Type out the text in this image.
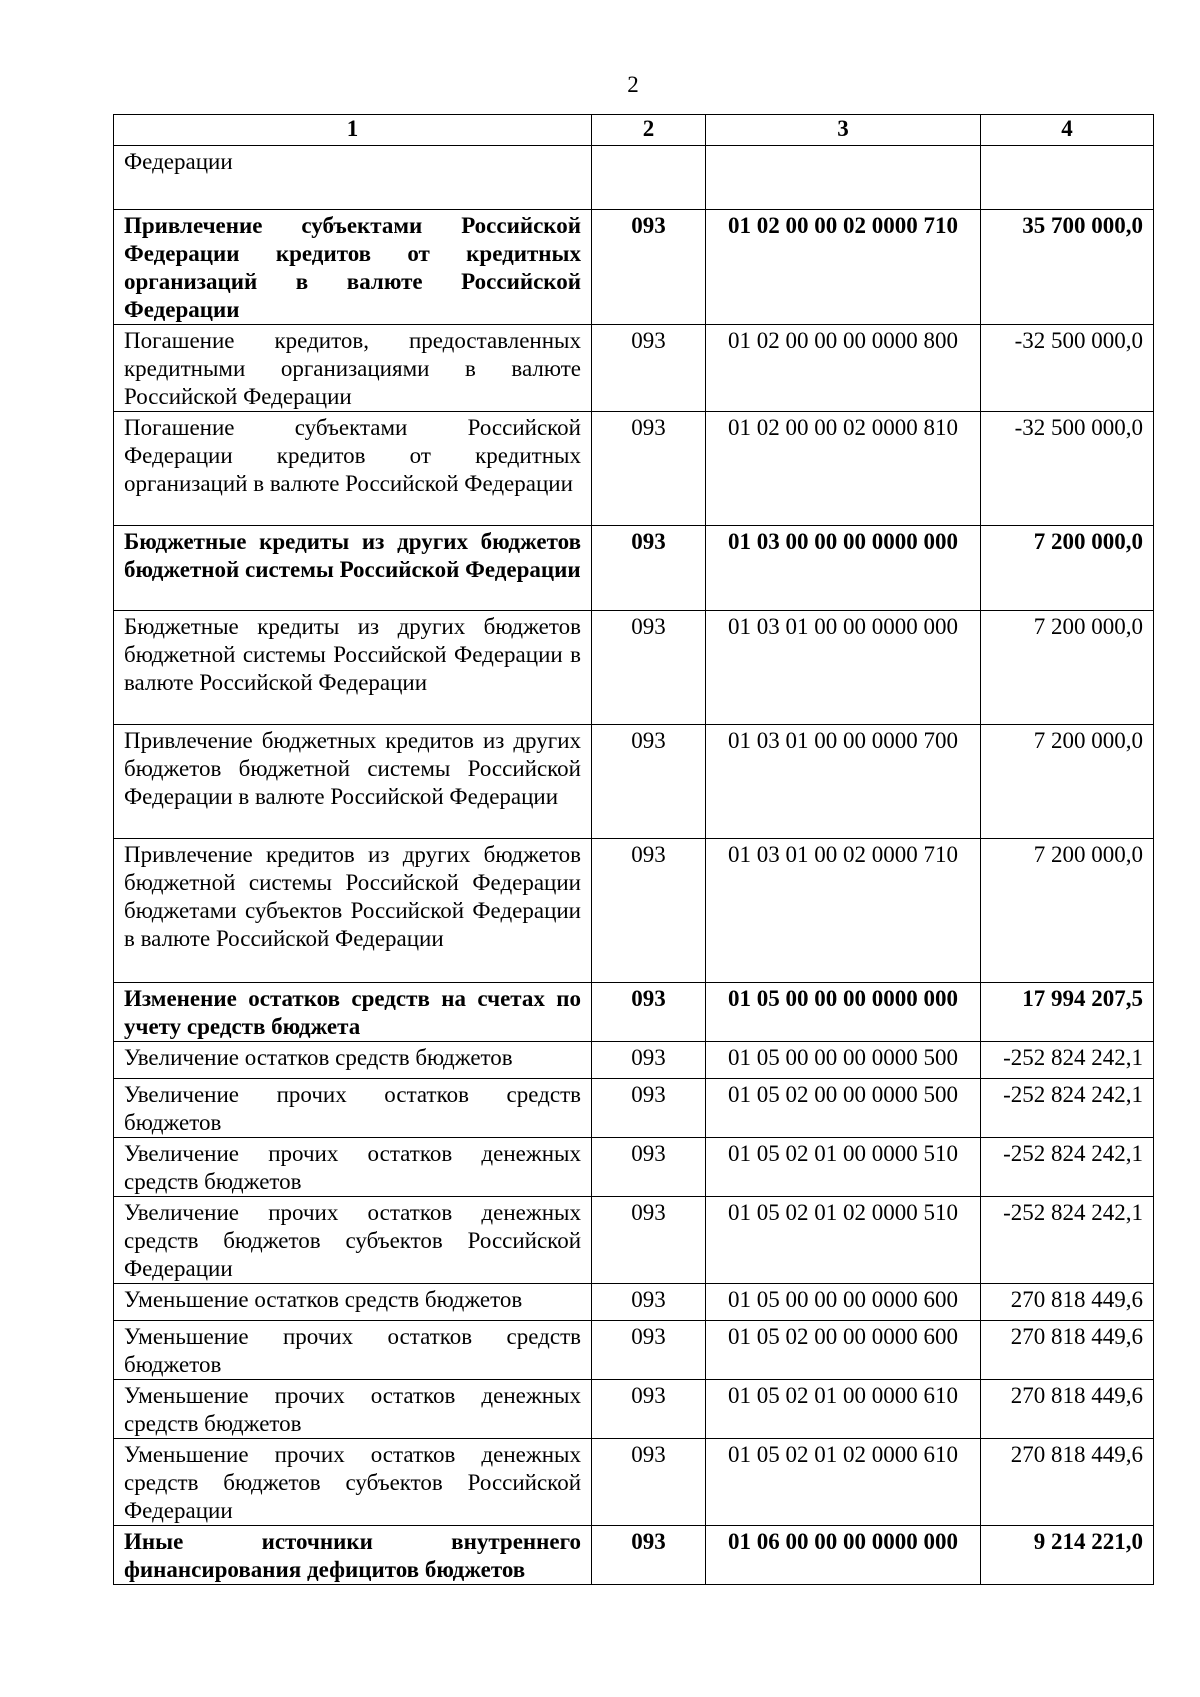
2
1	2	3	4
Федерации			
Привлечение субъектами Российской Федерации кредитов от кредитных организаций в валюте Российской Федерации	093	01 02 00 00 02 0000 710	35 700 000,0
Погашение кредитов, предоставленных кредитными организациями в валюте Российской Федерации	093	01 02 00 00 00 0000 800	-32 500 000,0
Погашение субъектами Российской Федерации кредитов от кредитных организаций в валюте Российской Федерации	093	01 02 00 00 02 0000 810	-32 500 000,0
Бюджетные кредиты из других бюджетов бюджетной системы Российской Федерации	093	01 03 00 00 00 0000 000	7 200 000,0
Бюджетные кредиты из других бюджетов бюджетной системы Российской Федерации в валюте Российской Федерации	093	01 03 01 00 00 0000 000	7 200 000,0
Привлечение бюджетных кредитов из других бюджетов бюджетной системы Российской Федерации в валюте Российской Федерации	093	01 03 01 00 00 0000 700	7 200 000,0
Привлечение кредитов из других бюджетов бюджетной системы Российской Федерации бюджетами субъектов Российской Федерации в валюте Российской Федерации	093	01 03 01 00 02 0000 710	7 200 000,0
Изменение остатков средств на счетах по учету средств бюджета	093	01 05 00 00 00 0000 000	17 994 207,5
Увеличение остатков средств бюджетов	093	01 05 00 00 00 0000 500	-252 824 242,1
Увеличение прочих остатков средств бюджетов	093	01 05 02 00 00 0000 500	-252 824 242,1
Увеличение прочих остатков денежных средств бюджетов	093	01 05 02 01 00 0000 510	-252 824 242,1
Увеличение прочих остатков денежных средств бюджетов субъектов Российской Федерации	093	01 05 02 01 02 0000 510	-252 824 242,1
Уменьшение остатков средств бюджетов	093	01 05 00 00 00 0000 600	270 818 449,6
Уменьшение прочих остатков средств бюджетов	093	01 05 02 00 00 0000 600	270 818 449,6
Уменьшение прочих остатков денежных средств бюджетов	093	01 05 02 01 00 0000 610	270 818 449,6
Уменьшение прочих остатков денежных средств бюджетов субъектов Российской Федерации	093	01 05 02 01 02 0000 610	270 818 449,6
Иные источники внутреннего финансирования дефицитов бюджетов	093	01 06 00 00 00 0000 000	9 214 221,0
